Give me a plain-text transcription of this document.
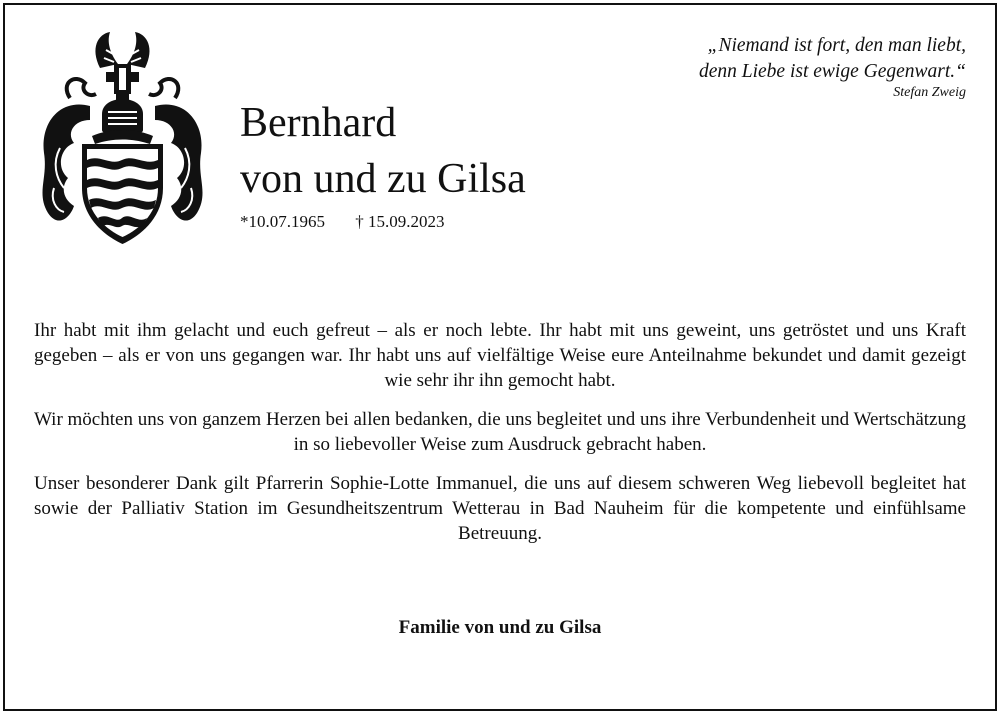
Bernhard
von und zu Gilsa
*10.07.1965 † 15.09.2023
„Niemand ist fort, den man liebt,
denn Liebe ist ewige Gegenwart.“
Stefan Zweig

Ihr habt mit ihm gelacht und euch gefreut – als er noch lebte. Ihr habt mit uns geweint, uns getröstet und uns Kraft gegeben – als er von uns gegangen war. Ihr habt uns auf vielfältige Weise eure Anteilnahme bekundet und damit gezeigt wie sehr ihr ihn gemocht habt.

Wir möchten uns von ganzem Herzen bei allen bedanken, die uns begleitet und uns ihre Verbundenheit und Wertschätzung in so liebevoller Weise zum Ausdruck gebracht haben.

Unser besonderer Dank gilt Pfarrerin Sophie-Lotte Immanuel, die uns auf diesem schweren Weg liebevoll begleitet hat sowie der Palliativ Station im Gesundheitszentrum Wetterau in Bad Nauheim für die kompetente und einfühlsame Betreuung.

Familie von und zu Gilsa
